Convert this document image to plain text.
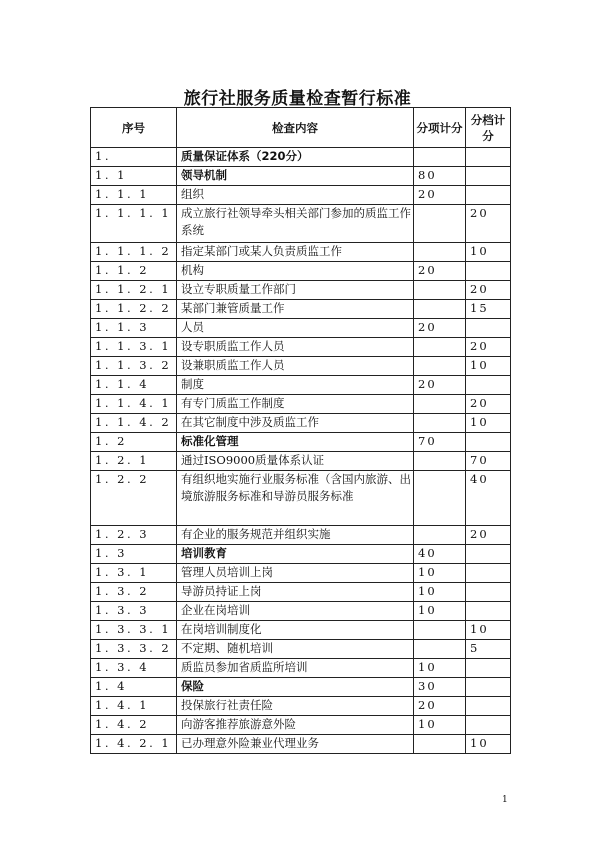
旅行社服务质量检查暂行标准
序号	检查内容	分项计分	分档计分
1.	质量保证体系（220分）		
1. 1	领导机制	80	
1. 1. 1	组织	20	
1. 1. 1. 1	成立旅行社领导牵头相关部门参加的质监工作系统		20
1. 1. 1. 2	指定某部门或某人负责质监工作		10
1. 1. 2	机构	20	
1. 1. 2. 1	设立专职质量工作部门		20
1. 1. 2. 2	某部门兼管质量工作		15
1. 1. 3	人员	20	
1. 1. 3. 1	设专职质监工作人员		20
1. 1. 3. 2	设兼职质监工作人员		10
1. 1. 4	制度	20	
1. 1. 4. 1	有专门质监工作制度		20
1. 1. 4. 2	在其它制度中涉及质监工作		10
1. 2	标准化管理	70	
1. 2. 1	通过ISO9000质量体系认证		70
1. 2. 2	有组织地实施行业服务标准（含国内旅游、出境旅游服务标准和导游员服务标准		40
1. 2. 3	有企业的服务规范并组织实施		20
1. 3	培训教育	40	
1. 3. 1	管理人员培训上岗	10	
1. 3. 2	导游员持证上岗	10	
1. 3. 3	企业在岗培训	10	
1. 3. 3. 1	在岗培训制度化		10
1. 3. 3. 2	不定期、随机培训		5
1. 3. 4	质监员参加省质监所培训	10	
1. 4	保险	30	
1. 4. 1	投保旅行社责任险	20	
1. 4. 2	向游客推荐旅游意外险	10	
1. 4. 2. 1	已办理意外险兼业代理业务		10
1
